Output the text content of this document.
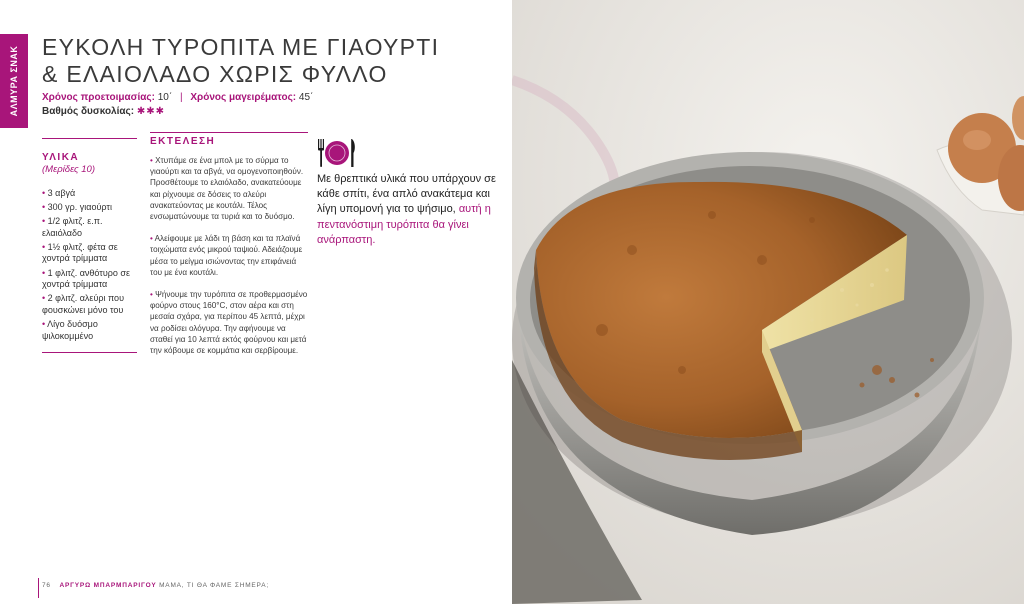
ΑΛΜΥΡΑ ΣΝΑΚ ΕΥΚΟΛΗ ΤΥΡΟΠΙΤΑ ΜΕ ΓΙΑΟΥΡΤΙ
& ΕΛΑΙΟΛΑΔΟ ΧΩΡΙΣ ΦΥΛΛΟ
Χρόνος προετοιμασίας: 10΄ | Χρόνος μαγειρέματος: 45΄
Βαθμός δυσκολίας: ✱✱✱
ΥΛΙΚΑ
(Μερίδες 10)
• 3 αβγά
• 300 γρ. γιαούρτι
• 1/2 φλιτζ. ε.π. ελαιόλαδο
• 1½ φλιτζ. φέτα σε χοντρά τρίμματα
• 1 φλιτζ. ανθότυρο σε χοντρά τρίμματα
• 2 φλιτζ. αλεύρι που φουσκώνει μόνο του
• Λίγο δυόσμο ψιλοκομμένο
ΕΚΤΕΛΕΣΗ

• Χτυπάμε σε ένα μπολ με το σύρμα το γιαούρτι και τα αβγά, να ομογενοποιηθούν. Προσθέτουμε το ελαιόλαδο, ανακατεύουμε και ρίχνουμε σε δόσεις το αλεύρι ανακατεύοντας με κουτάλι. Τέλος ενσωματώνουμε τα τυριά και το δυόσμο.

• Αλείφουμε με λάδι τη βάση και τα πλαϊνά τοιχώματα ενός μικρού ταψιού. Αδειάζουμε μέσα το μείγμα ισιώνοντας την επιφάνειά του με ένα κουτάλι.

• Ψήνουμε την τυρόπιτα σε προθερμασμένο φούρνο στους 160°C, στον αέρα και στη μεσαία σχάρα, για περίπου 45 λεπτά, μέχρι να ροδίσει ολόγυρα. Την αφήνουμε να σταθεί για 10 λεπτά εκτός φούρνου και μετά την κόβουμε σε κομμάτια και σερβίρουμε.

Με θρεπτικά υλικά που υπάρχουν σε κάθε σπίτι, ένα απλό ανακάτεμα και λίγη υπομονή για το ψήσιμο, αυτή η πεντανόστιμη τυρόπιτα θα γίνει ανάρπαστη.
76 ΑΡΓΥΡΩ ΜΠΑΡΜΠΑΡΙΓΟΥ ΜΑΜΑ, ΤΙ ΘΑ ΦΑΜΕ ΣΗΜΕΡΑ;
